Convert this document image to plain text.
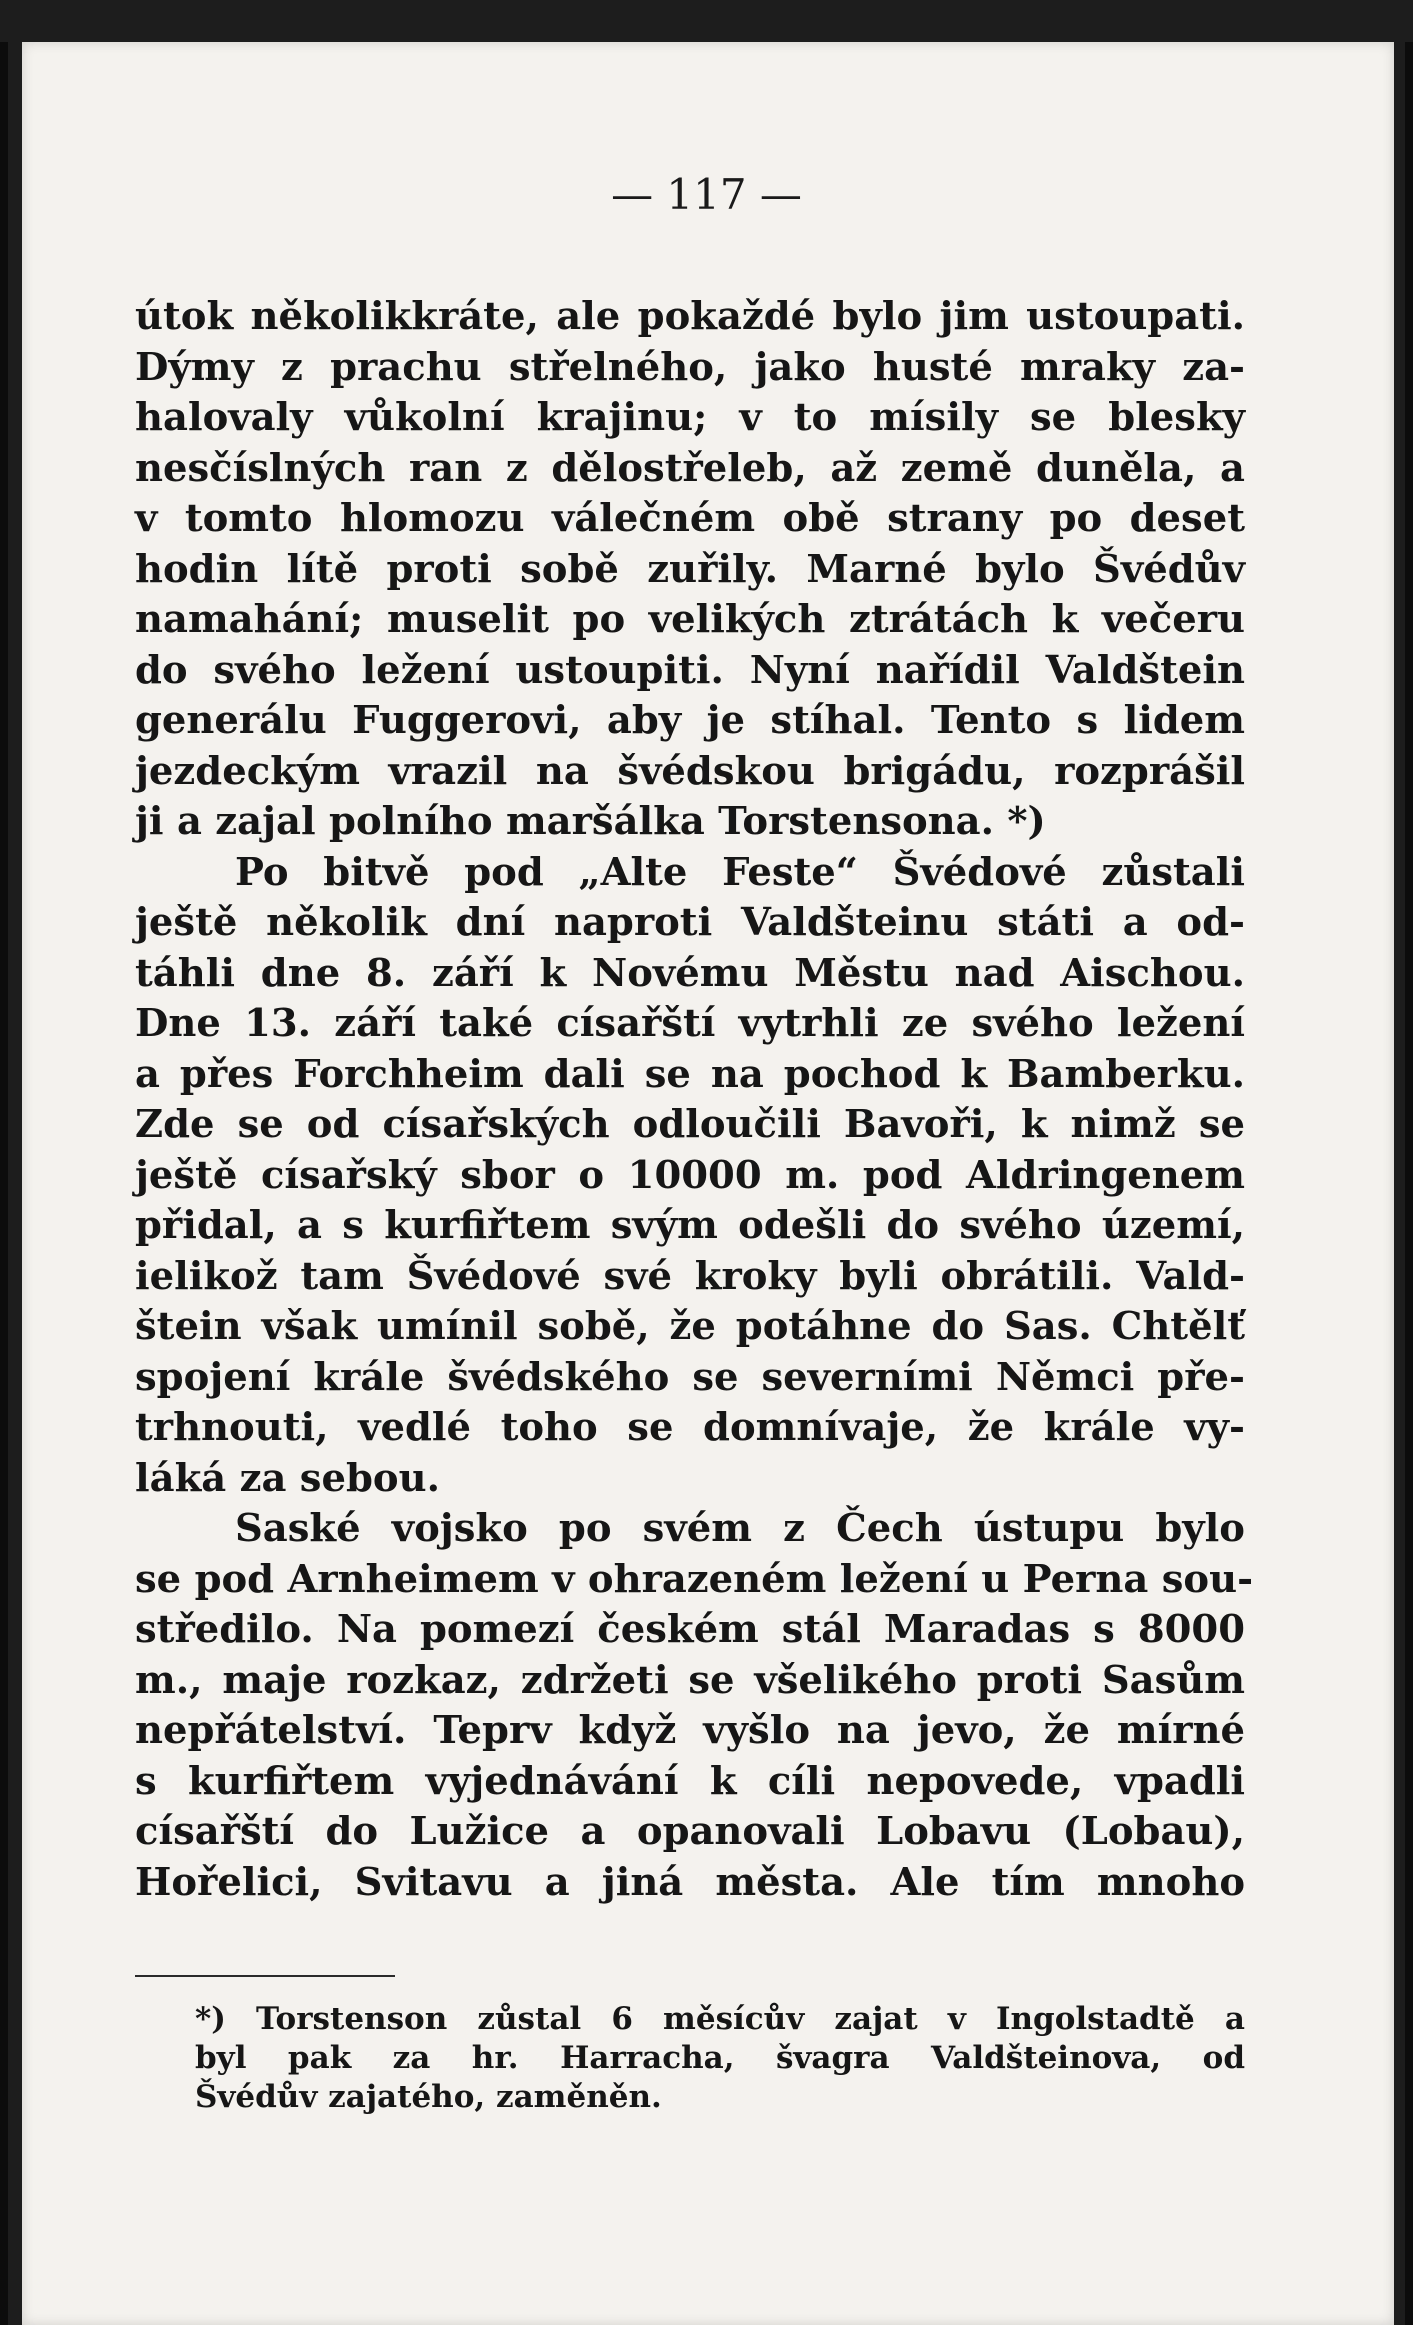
— 117 —

útok několikkráte, ale pokaždé bylo jim ustoupati.
Dýmy z prachu střelného, jako husté mraky za-
halovaly vůkolní krajinu; v to mísily se blesky
nesčíslných ran z dělostřeleb, až země duněla, a
v tomto hlomozu válečném obě strany po deset
hodin lítě proti sobě zuřily. Marné bylo Švédův
namahání; muselit po velikých ztrátách k večeru
do svého ležení ustoupiti. Nyní nařídil Valdštein
generálu Fuggerovi, aby je stíhal. Tento s lidem
jezdeckým vrazil na švédskou brigádu, rozprášil
ji a zajal polního maršálka Torstensona. *)

Po bitvě pod „Alte Feste“ Švédové zůstali
ještě několik dní naproti Valdšteinu státi a od-
táhli dne 8. září k Novému Městu nad Aischou.
Dne 13. září také císařští vytrhli ze svého ležení
a přes Forchheim dali se na pochod k Bamberku.
Zde se od císařských odloučili Bavoři, k nimž se
ještě císařský sbor o 10000 m. pod Aldringenem
přidal, a s kurfiřtem svým odešli do svého území,
ielikož tam Švédové své kroky byli obrátili. Vald-
štein však umínil sobě, že potáhne do Sas. Chtělť
spojení krále švédského se severními Němci pře-
trhnouti, vedlé toho se domnívaje, že krále vy-
láká za sebou.

Saské vojsko po svém z Čech ústupu bylo
se pod Arnheimem v ohrazeném ležení u Perna sou-
středilo. Na pomezí českém stál Maradas s 8000
m., maje rozkaz, zdržeti se všelikého proti Sasům
nepřátelství. Teprv když vyšlo na jevo, že mírné
s kurfiřtem vyjednávání k cíli nepovede, vpadli
císařští do Lužice a opanovali Lobavu (Lobau),
Hořelici, Svitavu a jiná města. Ale tím mnoho

*) Torstenson zůstal 6 měsícův zajat v Ingolstadtě a
byl pak za hr. Harracha, švagra Valdšteinova, od
Švédův zajatého, zaměněn.
